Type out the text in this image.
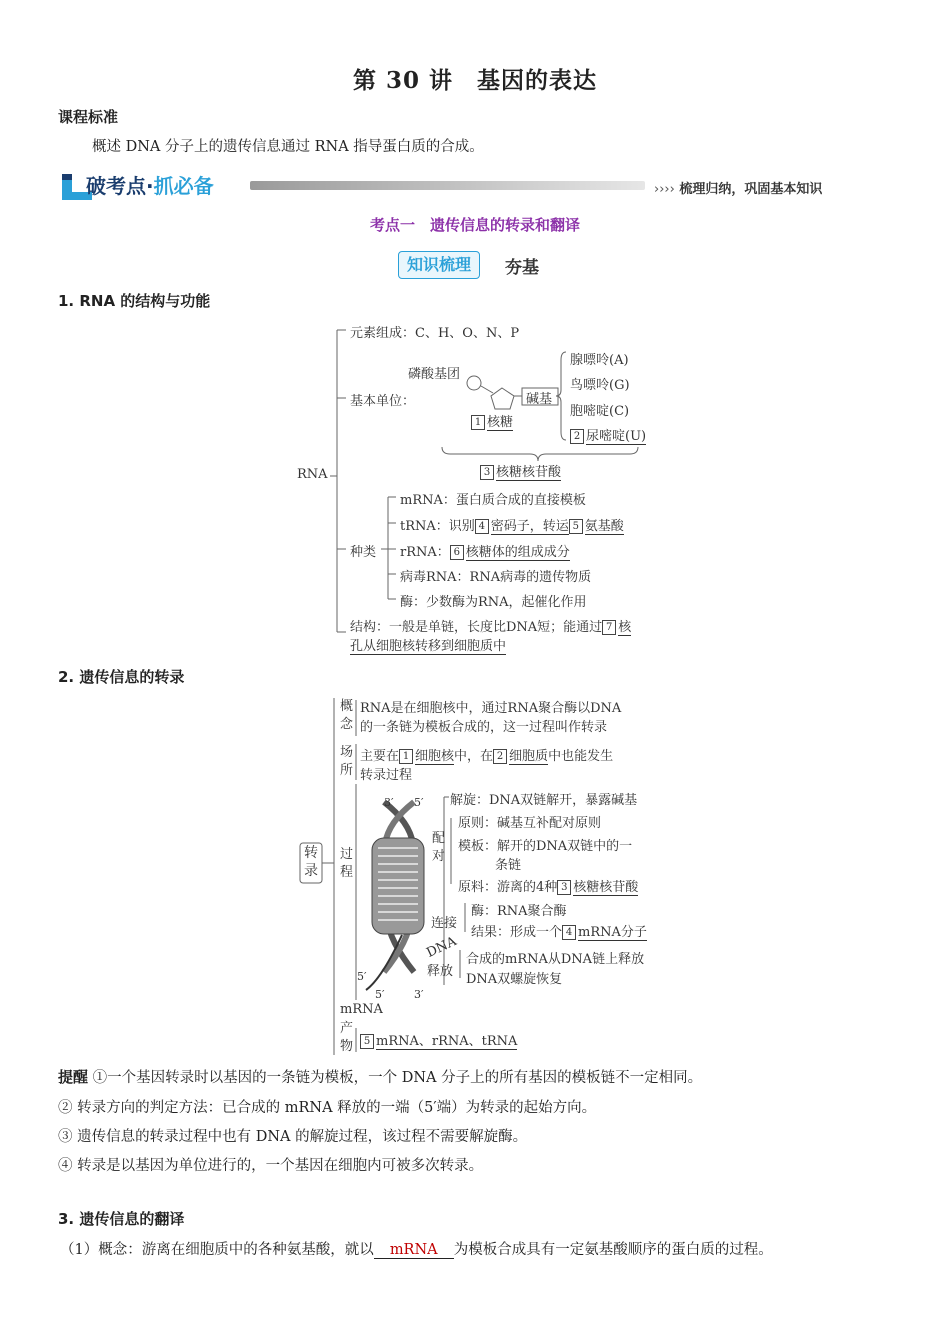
第 30 讲　基因的表达
课程标准
概述 DNA 分子上的遗传信息通过 RNA 指导蛋白质的合成。
破考点·抓必备	›››› 梳理归纳，巩固基本知识
考点一　遗传信息的转录和翻译
知识梳理	夯基
1. RNA 的结构与功能
RNA
元素组成：C、H、O、N、P
基本单位：
磷酸基团
碱基
1 核糖
腺嘌呤(A)
鸟嘌呤(G)
胞嘧啶(C)
2 尿嘧啶(U)
3 核糖核苷酸
种类
mRNA：蛋白质合成的直接模板
tRNA：识别 4 密码子，转运 5 氨基酸
rRNA： 6 核糖体的组成成分
病毒RNA：RNA病毒的遗传物质
酶：少数酶为RNA，起催化作用
结构：一般是单链，长度比DNA短；能通过 7 核
孔从细胞核转移到细胞质中
2. 遗传信息的转录
转录
概念
RNA是在细胞核中，通过RNA聚合酶以DNA
的一条链为模板合成的，这一过程叫作转录
场所
主要在 1 细胞核中，在 2 细胞质中也能发生
转录过程
过程
3′ 5′
5′
5′	3′
mRNA
DNA
解旋：DNA双链解开，暴露碱基
配对
原则：碱基互补配对原则
模板：解开的DNA双链中的一
条链
原料：游离的4种 3 核糖核苷酸
连接
酶：RNA聚合酶
结果：形成一个 4 mRNA分子
释放
合成的mRNA从DNA链上释放
DNA双螺旋恢复
产物	5 mRNA、rRNA、tRNA
提醒 ①一个基因转录时以基因的一条链为模板，一个 DNA 分子上的所有基因的模板链不一定相同。
② 转录方向的判定方法：已合成的 mRNA 释放的一端（5′端）为转录的起始方向。
③ 遗传信息的转录过程中也有 DNA 的解旋过程，该过程不需要解旋酶。
④ 转录是以基因为单位进行的，一个基因在细胞内可被多次转录。
3. 遗传信息的翻译
（1）概念：游离在细胞质中的各种氨基酸，就以 mRNA 为模板合成具有一定氨基酸顺序的蛋白质的过程。
